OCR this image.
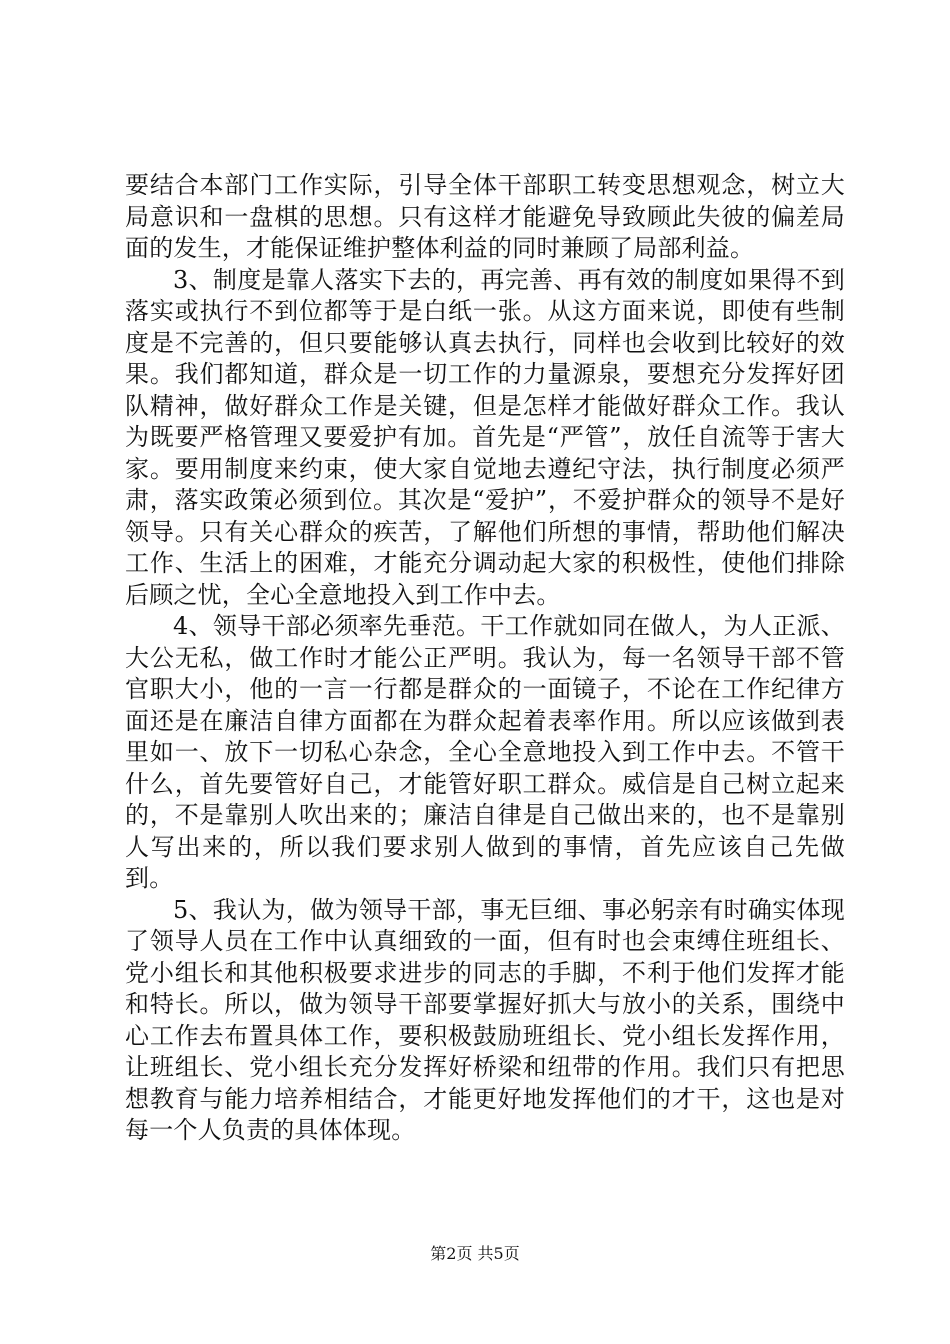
要结合本部门工作实际，引导全体干部职工转变思想观念，树立大局意识和一盘棋的思想。只有这样才能避免导致顾此失彼的偏差局面的发生，才能保证维护整体利益的同时兼顾了局部利益。

3、制度是靠人落实下去的，再完善、再有效的制度如果得不到落实或执行不到位都等于是白纸一张。从这方面来说，即使有些制度是不完善的，但只要能够认真去执行，同样也会收到比较好的效果。我们都知道，群众是一切工作的力量源泉，要想充分发挥好团队精神，做好群众工作是关键，但是怎样才能做好群众工作。我认为既要严格管理又要爱护有加。首先是“严管”，放任自流等于害大家。要用制度来约束，使大家自觉地去遵纪守法，执行制度必须严肃，落实政策必须到位。其次是“爱护”，不爱护群众的领导不是好领导。只有关心群众的疾苦，了解他们所想的事情，帮助他们解决工作、生活上的困难，才能充分调动起大家的积极性，使他们排除后顾之忧，全心全意地投入到工作中去。

4、领导干部必须率先垂范。干工作就如同在做人，为人正派、大公无私，做工作时才能公正严明。我认为，每一名领导干部不管官职大小，他的一言一行都是群众的一面镜子，不论在工作纪律方面还是在廉洁自律方面都在为群众起着表率作用。所以应该做到表里如一、放下一切私心杂念，全心全意地投入到工作中去。不管干什么，首先要管好自己，才能管好职工群众。威信是自己树立起来的，不是靠别人吹出来的；廉洁自律是自己做出来的，也不是靠别人写出来的，所以我们要求别人做到的事情，首先应该自己先做到。

5、我认为，做为领导干部，事无巨细、事必躬亲有时确实体现了领导人员在工作中认真细致的一面，但有时也会束缚住班组长、党小组长和其他积极要求进步的同志的手脚，不利于他们发挥才能和特长。所以，做为领导干部要掌握好抓大与放小的关系，围绕中心工作去布置具体工作，要积极鼓励班组长、党小组长发挥作用，让班组长、党小组长充分发挥好桥梁和纽带的作用。我们只有把思想教育与能力培养相结合，才能更好地发挥他们的才干，这也是对每一个人负责的具体体现。

第2页 共5页
